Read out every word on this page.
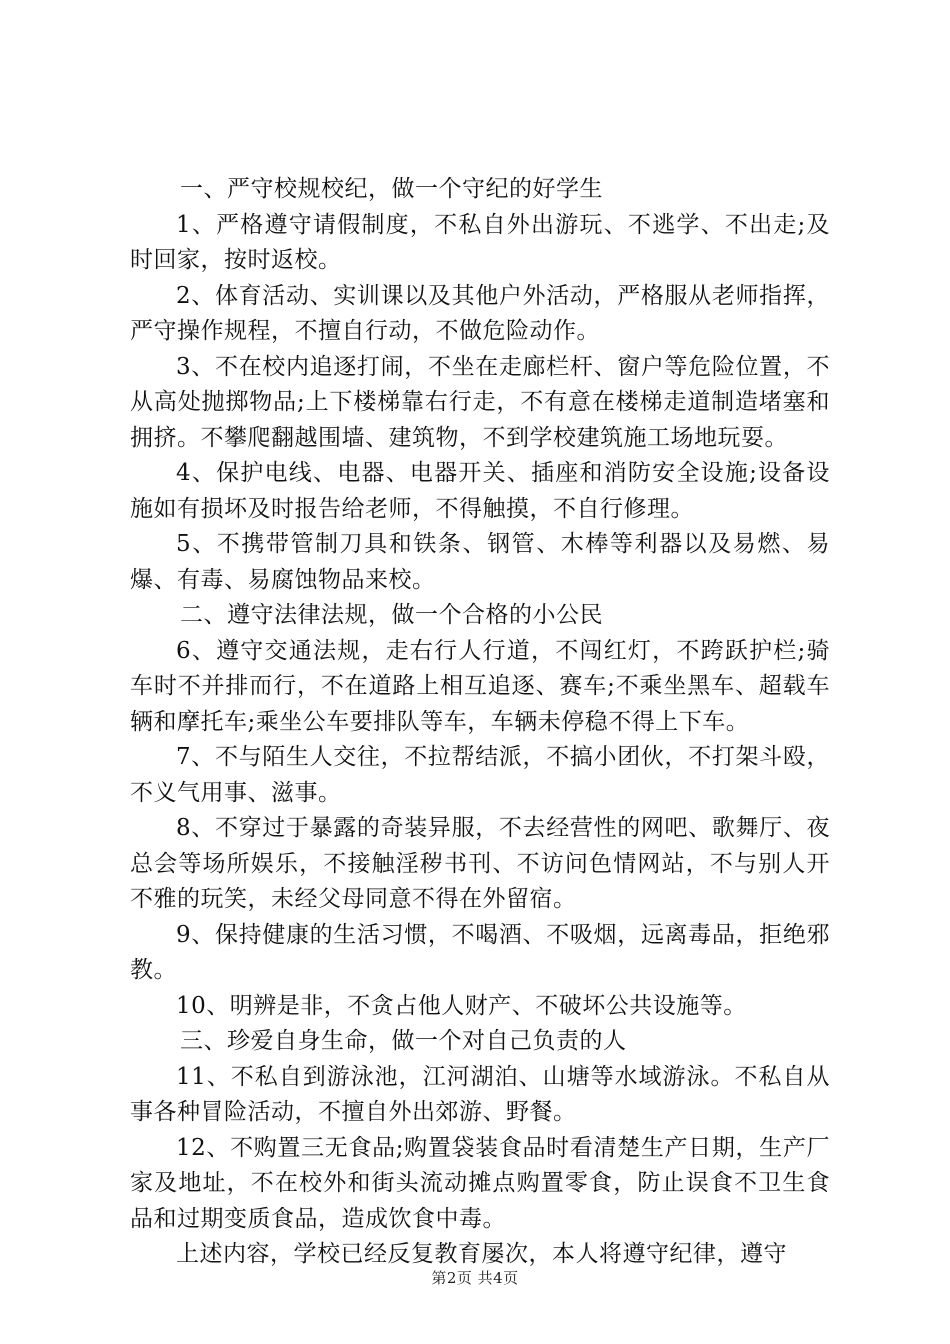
一、严守校规校纪，做一个守纪的好学生

1、严格遵守请假制度，不私自外出游玩、不逃学、不出走;及时回家，按时返校。

2、体育活动、实训课以及其他户外活动，严格服从老师指挥，严守操作规程，不擅自行动，不做危险动作。

3、不在校内追逐打闹，不坐在走廊栏杆、窗户等危险位置，不从高处抛掷物品;上下楼梯靠右行走，不有意在楼梯走道制造堵塞和拥挤。不攀爬翻越围墙、建筑物，不到学校建筑施工场地玩耍。

4、保护电线、电器、电器开关、插座和消防安全设施;设备设施如有损坏及时报告给老师，不得触摸，不自行修理。

5、不携带管制刀具和铁条、钢管、木棒等利器以及易燃、易爆、有毒、易腐蚀物品来校。

二、遵守法律法规，做一个合格的小公民

6、遵守交通法规，走右行人行道，不闯红灯，不跨跃护栏;骑车时不并排而行，不在道路上相互追逐、赛车;不乘坐黑车、超载车辆和摩托车;乘坐公车要排队等车，车辆未停稳不得上下车。

7、不与陌生人交往，不拉帮结派，不搞小团伙，不打架斗殴，不义气用事、滋事。

8、不穿过于暴露的奇装异服，不去经营性的网吧、歌舞厅、夜总会等场所娱乐，不接触淫秽书刊、不访问色情网站，不与别人开不雅的玩笑，未经父母同意不得在外留宿。

9、保持健康的生活习惯，不喝酒、不吸烟，远离毒品，拒绝邪教。

10、明辨是非，不贪占他人财产、不破坏公共设施等。

三、珍爱自身生命，做一个对自己负责的人

11、不私自到游泳池，江河湖泊、山塘等水域游泳。不私自从事各种冒险活动，不擅自外出郊游、野餐。

12、不购置三无食品;购置袋装食品时看清楚生产日期，生产厂家及地址，不在校外和街头流动摊点购置零食，防止误食不卫生食品和过期变质食品，造成饮食中毒。

上述内容，学校已经反复教育屡次，本人将遵守纪律，遵守

第2页 共4页
